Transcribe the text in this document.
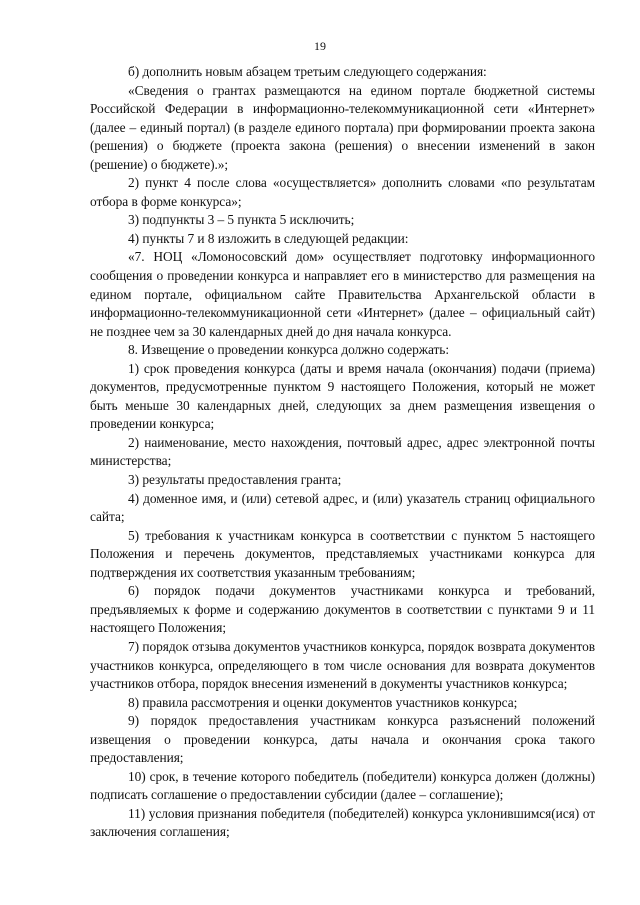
19

б) дополнить новым абзацем третьим следующего содержания:

«Сведения о грантах размещаются на едином портале бюджетной системы Российской Федерации в информационно-телекоммуникационной сети «Интернет» (далее – единый портал) (в разделе единого портала) при формировании проекта закона (решения) о бюджете (проекта закона (решения) о внесении изменений в закон (решение) о бюджете).»;

2) пункт 4 после слова «осуществляется» дополнить словами «по результатам отбора в форме конкурса»;

3) подпункты 3 – 5 пункта 5 исключить;

4) пункты 7 и 8 изложить в следующей редакции:

«7. НОЦ «Ломоносовский дом» осуществляет подготовку информационного сообщения о проведении конкурса и направляет его в министерство для размещения на едином портале, официальном сайте Правительства Архангельской области в информационно-телекоммуникационной сети «Интернет» (далее – официальный сайт) не позднее чем за 30 календарных дней до дня начала конкурса.

8. Извещение о проведении конкурса должно содержать:

1) срок проведения конкурса (даты и время начала (окончания) подачи (приема) документов, предусмотренные пунктом 9 настоящего Положения, который не может быть меньше 30 календарных дней, следующих за днем размещения извещения о проведении конкурса;

2) наименование, место нахождения, почтовый адрес, адрес электронной почты министерства;

3) результаты предоставления гранта;

4) доменное имя, и (или) сетевой адрес, и (или) указатель страниц официального сайта;

5) требования к участникам конкурса в соответствии с пунктом 5 настоящего Положения и перечень документов, представляемых участниками конкурса для подтверждения их соответствия указанным требованиям;

6) порядок подачи документов участниками конкурса и требований, предъявляемых к форме и содержанию документов в соответствии с пунктами 9 и 11 настоящего Положения;

7) порядок отзыва документов участников конкурса, порядок возврата документов участников конкурса, определяющего в том числе основания для возврата документов участников отбора, порядок внесения изменений в документы участников конкурса;

8) правила рассмотрения и оценки документов участников конкурса;

9) порядок предоставления участникам конкурса разъяснений положений извещения о проведении конкурса, даты начала и окончания срока такого предоставления;

10) срок, в течение которого победитель (победители) конкурса должен (должны) подписать соглашение о предоставлении субсидии (далее – соглашение);

11) условия признания победителя (победителей) конкурса уклонившимся(ися) от заключения соглашения;
